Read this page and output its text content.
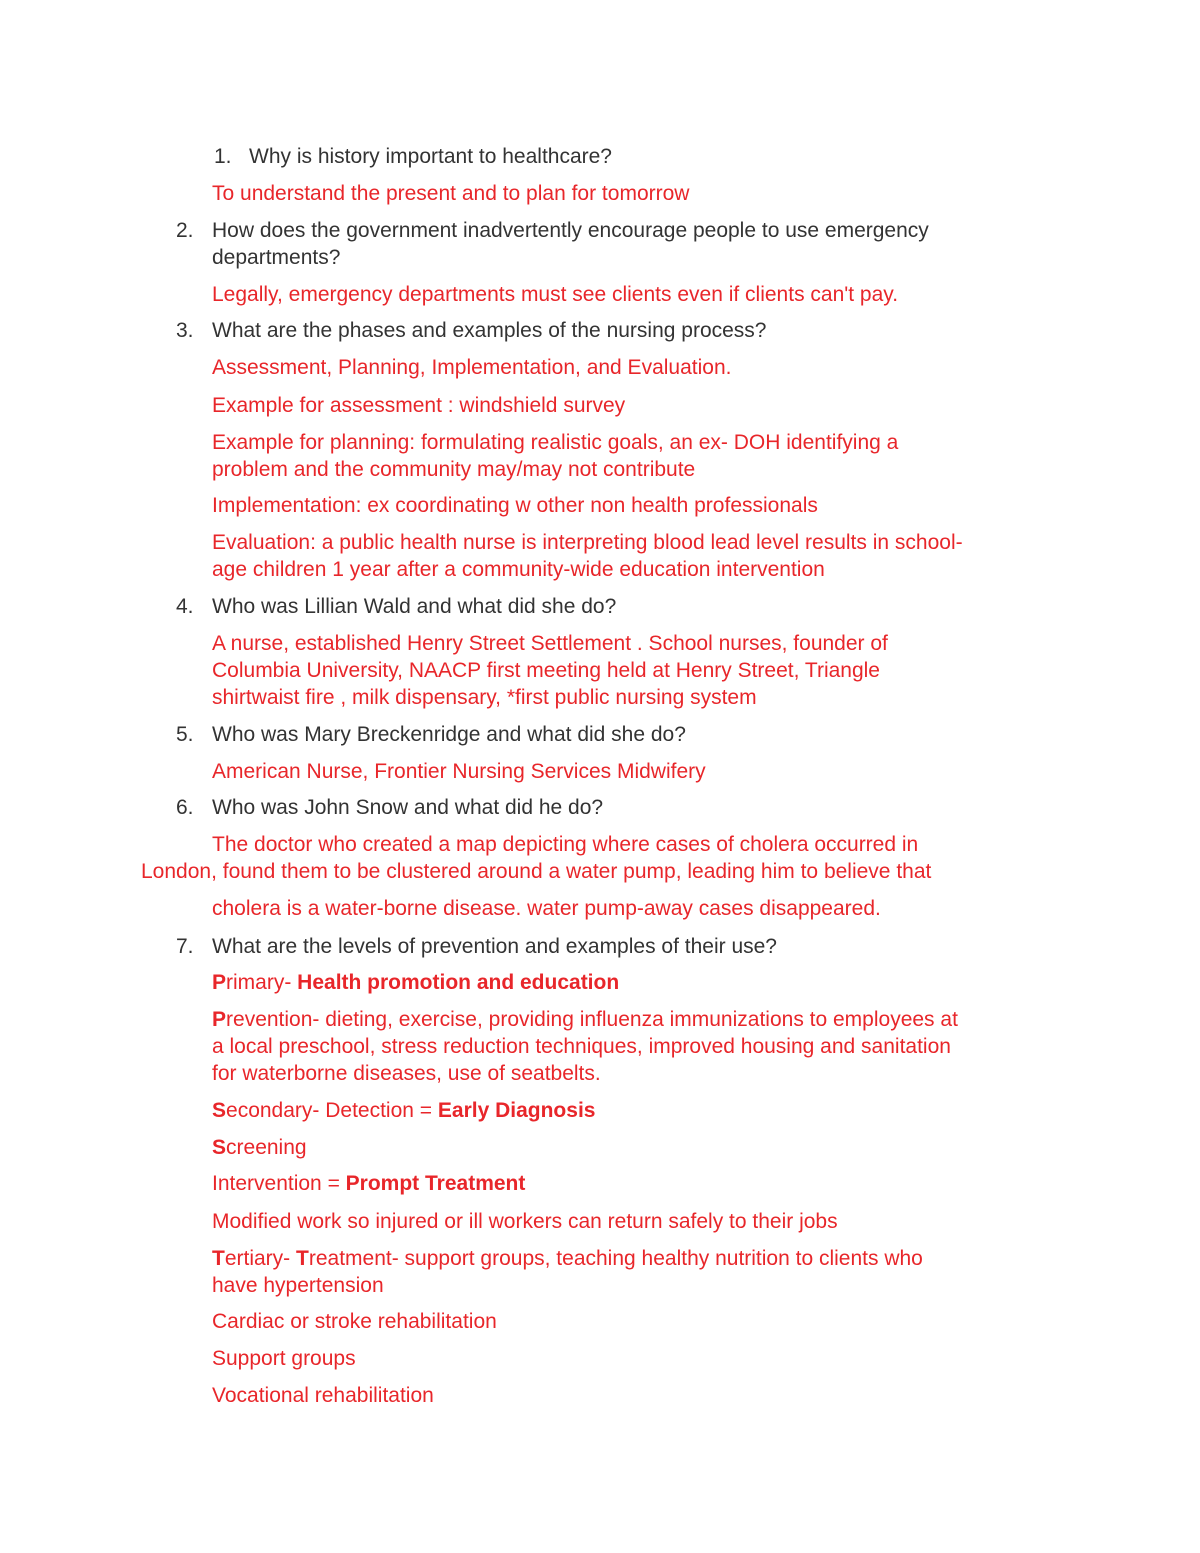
1. Why is history important to healthcare?
To understand the present and to plan for tomorrow
2. How does the government inadvertently encourage people to use emergency
departments?
Legally, emergency departments must see clients even if clients can't pay.
3. What are the phases and examples of the nursing process?
Assessment, Planning, Implementation, and Evaluation.
Example for assessment : windshield survey
Example for planning: formulating realistic goals, an ex- DOH identifying a
problem and the community may/may not contribute
Implementation: ex coordinating w other non health professionals
Evaluation: a public health nurse is interpreting blood lead level results in school-
age children 1 year after a community-wide education intervention
4. Who was Lillian Wald and what did she do?
A nurse, established Henry Street Settlement . School nurses, founder of
Columbia University, NAACP first meeting held at Henry Street, Triangle
shirtwaist fire , milk dispensary, *first public nursing system
5. Who was Mary Breckenridge and what did she do?
American Nurse, Frontier Nursing Services Midwifery
6. Who was John Snow and what did he do?
The doctor who created a map depicting where cases of cholera occurred in
London, found them to be clustered around a water pump, leading him to believe that
cholera is a water-borne disease. water pump-away cases disappeared.
7. What are the levels of prevention and examples of their use?
Primary- Health promotion and education
Prevention- dieting, exercise, providing influenza immunizations to employees at
a local preschool, stress reduction techniques, improved housing and sanitation
for waterborne diseases, use of seatbelts.
Secondary- Detection = Early Diagnosis
Screening
Intervention = Prompt Treatment
Modified work so injured or ill workers can return safely to their jobs
Tertiary- Treatment- support groups, teaching healthy nutrition to clients who
have hypertension
Cardiac or stroke rehabilitation
Support groups
Vocational rehabilitation
